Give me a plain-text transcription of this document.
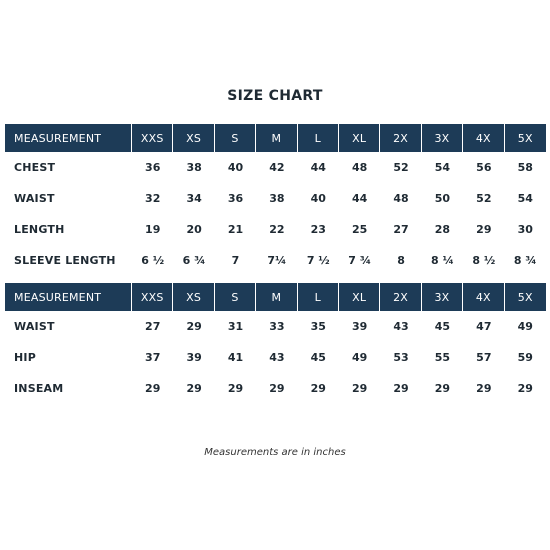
SIZE CHART
MEASUREMENT	XXS	XS	S	M	L	XL	2X	3X	4X	5X
CHEST	36	38	40	42	44	48	52	54	56	58
WAIST	32	34	36	38	40	44	48	50	52	54
LENGTH	19	20	21	22	23	25	27	28	29	30
SLEEVE LENGTH	6 ½	6 ¾	7	7¼	7 ½	7 ¾	8	8 ¼	8 ½	8 ¾
MEASUREMENT	XXS	XS	S	M	L	XL	2X	3X	4X	5X
WAIST	27	29	31	33	35	39	43	45	47	49
HIP	37	39	41	43	45	49	53	55	57	59
INSEAM	29	29	29	29	29	29	29	29	29	29
Measurements are in inches
